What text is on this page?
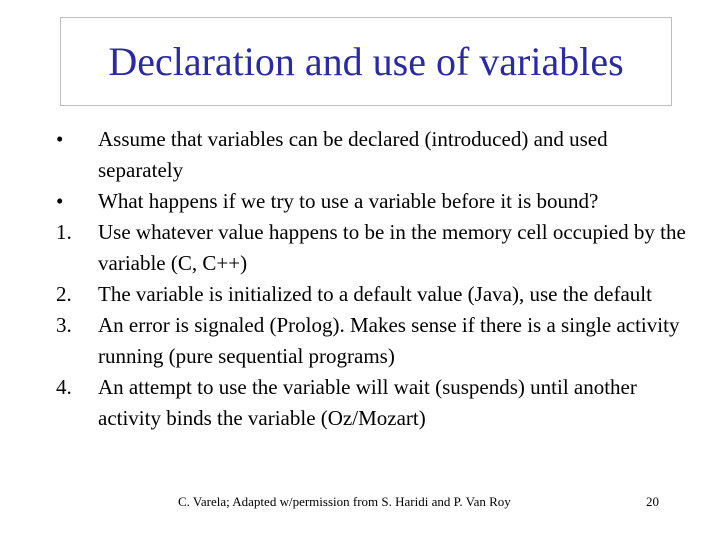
Declaration and use of variables
•	Assume that variables can be declared (introduced) and used separately
•	What happens if we try to use a variable before it is bound?
1.	Use whatever value happens to be in the memory cell occupied by the variable (C, C++)
2.	The variable is initialized to a default value (Java), use the default
3.	An error is signaled (Prolog). Makes sense if there is a single activity running (pure sequential programs)
4.	An attempt to use the variable will wait (suspends) until another activity binds the variable (Oz/Mozart)
C. Varela; Adapted w/permission from S. Haridi and P. Van Roy	20
